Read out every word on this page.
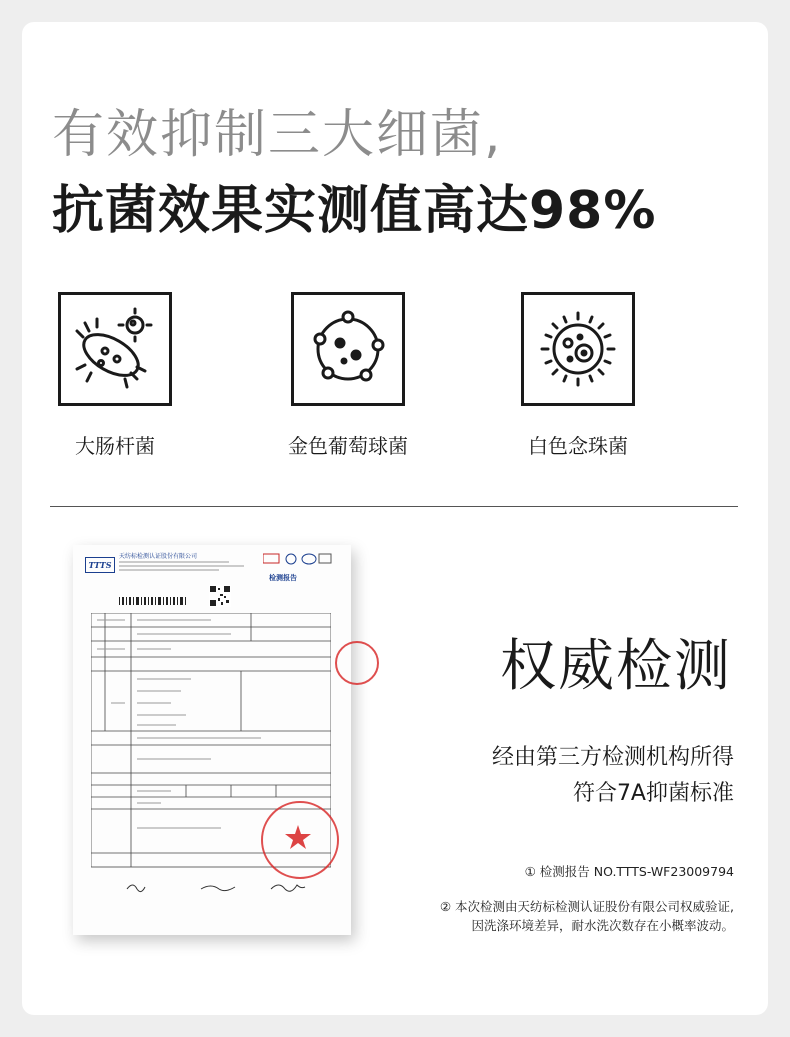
有效抑制三大细菌,
抗菌效果实测值高达98%
大肠杆菌	金色葡萄球菌	白色念珠菌
TTTS
天纺标检测认证股份有限公司
检测报告
权威检测
经由第三方检测机构所得
符合7A抑菌标准
① 检测报告 NO.TTTS-WF23009794
② 本次检测由天纺标检测认证股份有限公司权威验证,
因洗涤环境差异，耐水洗次数存在小概率波动。
